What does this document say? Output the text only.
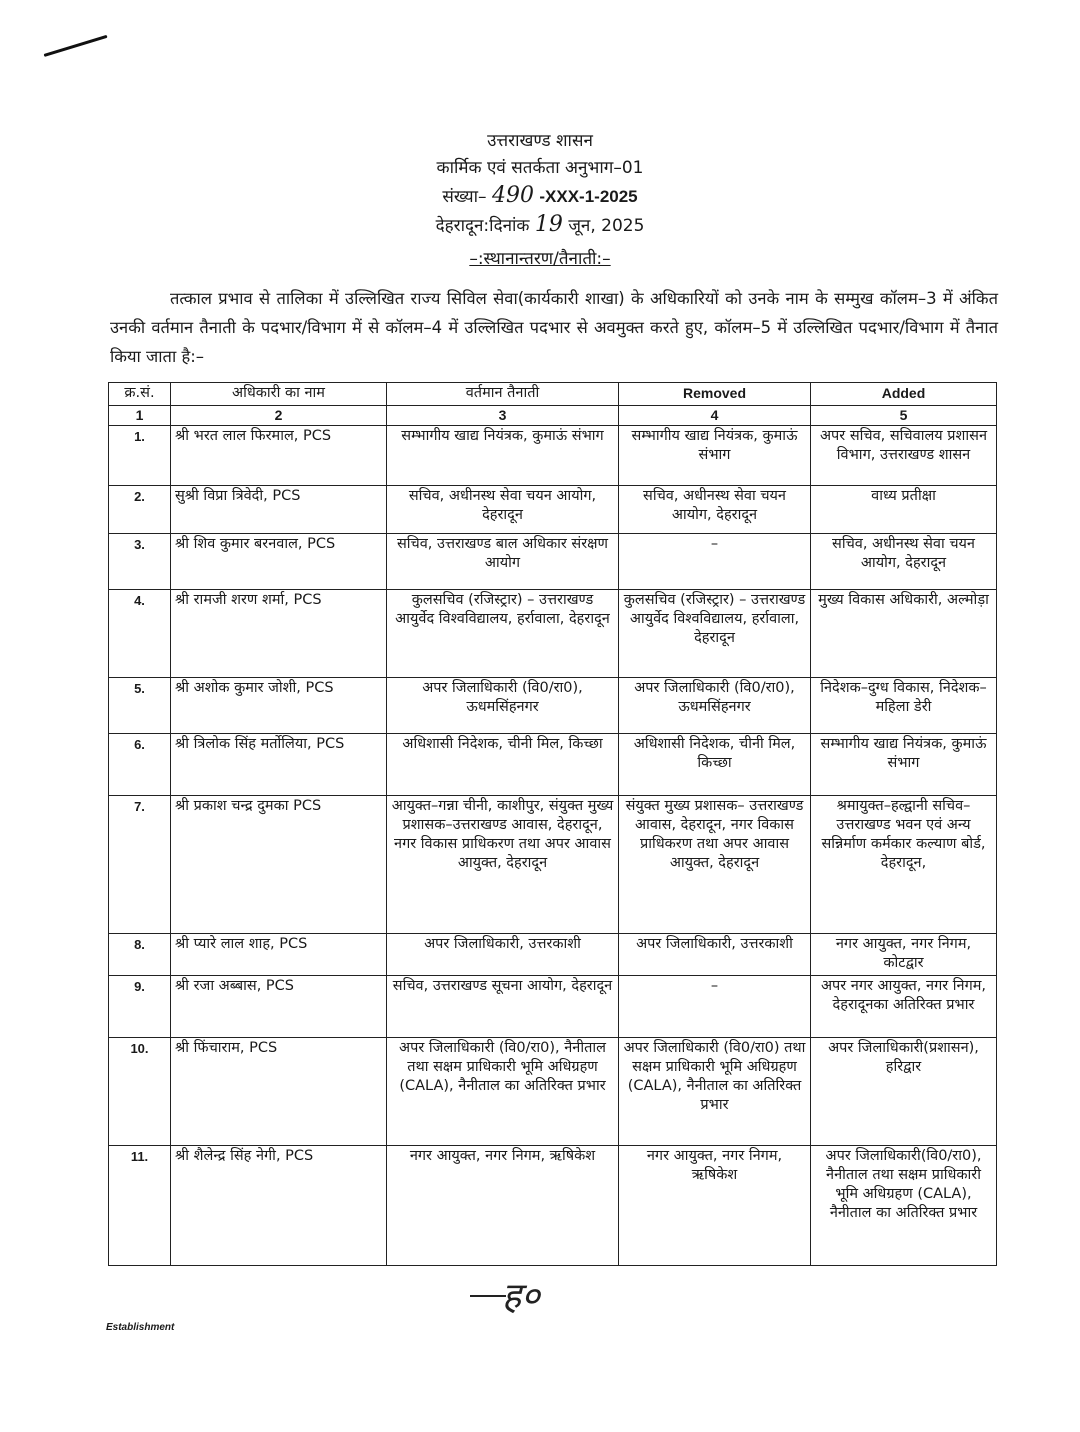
उत्तराखण्ड शासन
कार्मिक एवं सतर्कता अनुभाग–01
संख्या– 490 -XXX-1-2025
देहरादून:दिनांक 19 जून, 2025
–:स्थानान्तरण/तैनाती:–
तत्काल प्रभाव से तालिका में उल्लिखित राज्य सिविल सेवा(कार्यकारी शाखा) के अधिकारियों को उनके नाम के सम्मुख कॉलम–3 में अंकित उनकी वर्तमान तैनाती के पदभार/विभाग में से कॉलम–4 में उल्लिखित पदभार से अवमुक्त करते हुए, कॉलम–5 में उल्लिखित पदभार/विभाग में तैनात किया जाता है:–
क्र.सं.	अधिकारी का नाम	वर्तमान तैनाती	Removed	Added
1	2	3	4	5
1.	श्री भरत लाल फिरमाल, PCS	सम्भागीय खाद्य नियंत्रक, कुमाऊं संभाग	सम्भागीय खाद्य नियंत्रक, कुमाऊं संभाग	अपर सचिव, सचिवालय प्रशासन विभाग, उत्तराखण्ड शासन
2.	सुश्री विप्रा त्रिवेदी, PCS	सचिव, अधीनस्थ सेवा चयन आयोग, देहरादून	सचिव, अधीनस्थ सेवा चयन आयोग, देहरादून	वाध्य प्रतीक्षा
3.	श्री शिव कुमार बरनवाल, PCS	सचिव, उत्तराखण्ड बाल अधिकार संरक्षण आयोग	–	सचिव, अधीनस्थ सेवा चयन आयोग, देहरादून
4.	श्री रामजी शरण शर्मा, PCS	कुलसचिव (रजिस्ट्रार) – उत्तराखण्ड आयुर्वेद विश्वविद्यालय, हर्रावाला, देहरादून	कुलसचिव (रजिस्ट्रार) – उत्तराखण्ड आयुर्वेद विश्वविद्यालय, हर्रावाला, देहरादून	मुख्य विकास अधिकारी, अल्मोड़ा
5.	श्री अशोक कुमार जोशी, PCS	अपर जिलाधिकारी (वि0/रा0), ऊधमसिंहनगर	अपर जिलाधिकारी (वि0/रा0), ऊधमसिंहनगर	निदेशक–दुग्ध विकास, निदेशक–महिला डेरी
6.	श्री त्रिलोक सिंह मर्तोलिया, PCS	अधिशासी निदेशक, चीनी मिल, किच्छा	अधिशासी निदेशक, चीनी मिल, किच्छा	सम्भागीय खाद्य नियंत्रक, कुमाऊं संभाग
7.	श्री प्रकाश चन्द्र दुमका PCS	आयुक्त–गन्ना चीनी, काशीपुर, संयुक्त मुख्य प्रशासक–उत्तराखण्ड आवास, देहरादून, नगर विकास प्राधिकरण तथा अपर आवास आयुक्त, देहरादून	संयुक्त मुख्य प्रशासक– उत्तराखण्ड आवास, देहरादून, नगर विकास प्राधिकरण तथा अपर आवास आयुक्त, देहरादून	श्रमायुक्त–हल्द्वानी सचिव–उत्तराखण्ड भवन एवं अन्य सन्निर्माण कर्मकार कल्याण बोर्ड, देहरादून,
8.	श्री प्यारे लाल शाह, PCS	अपर जिलाधिकारी, उत्तरकाशी	अपर जिलाधिकारी, उत्तरकाशी	नगर आयुक्त, नगर निगम, कोटद्वार
9.	श्री रजा अब्बास, PCS	सचिव, उत्तराखण्ड सूचना आयोग, देहरादून	–	अपर नगर आयुक्त, नगर निगम, देहरादूनका अतिरिक्त प्रभार
10.	श्री फिंचाराम, PCS	अपर जिलाधिकारी (वि0/रा0), नैनीताल तथा सक्षम प्राधिकारी भूमि अधिग्रहण (CALA), नैनीताल का अतिरिक्त प्रभार	अपर जिलाधिकारी (वि0/रा0) तथा सक्षम प्राधिकारी भूमि अधिग्रहण (CALA), नैनीताल का अतिरिक्त प्रभार	अपर जिलाधिकारी(प्रशासन), हरिद्वार
11.	श्री शैलेन्द्र सिंह नेगी, PCS	नगर आयुक्त, नगर निगम, ऋषिकेश	नगर आयुक्त, नगर निगम, ऋषिकेश	अपर जिलाधिकारी(वि0/रा0), नैनीताल तथा सक्षम प्राधिकारी भूमि अधिग्रहण (CALA), नैनीताल का अतिरिक्त प्रभार
ह०
Establishment
